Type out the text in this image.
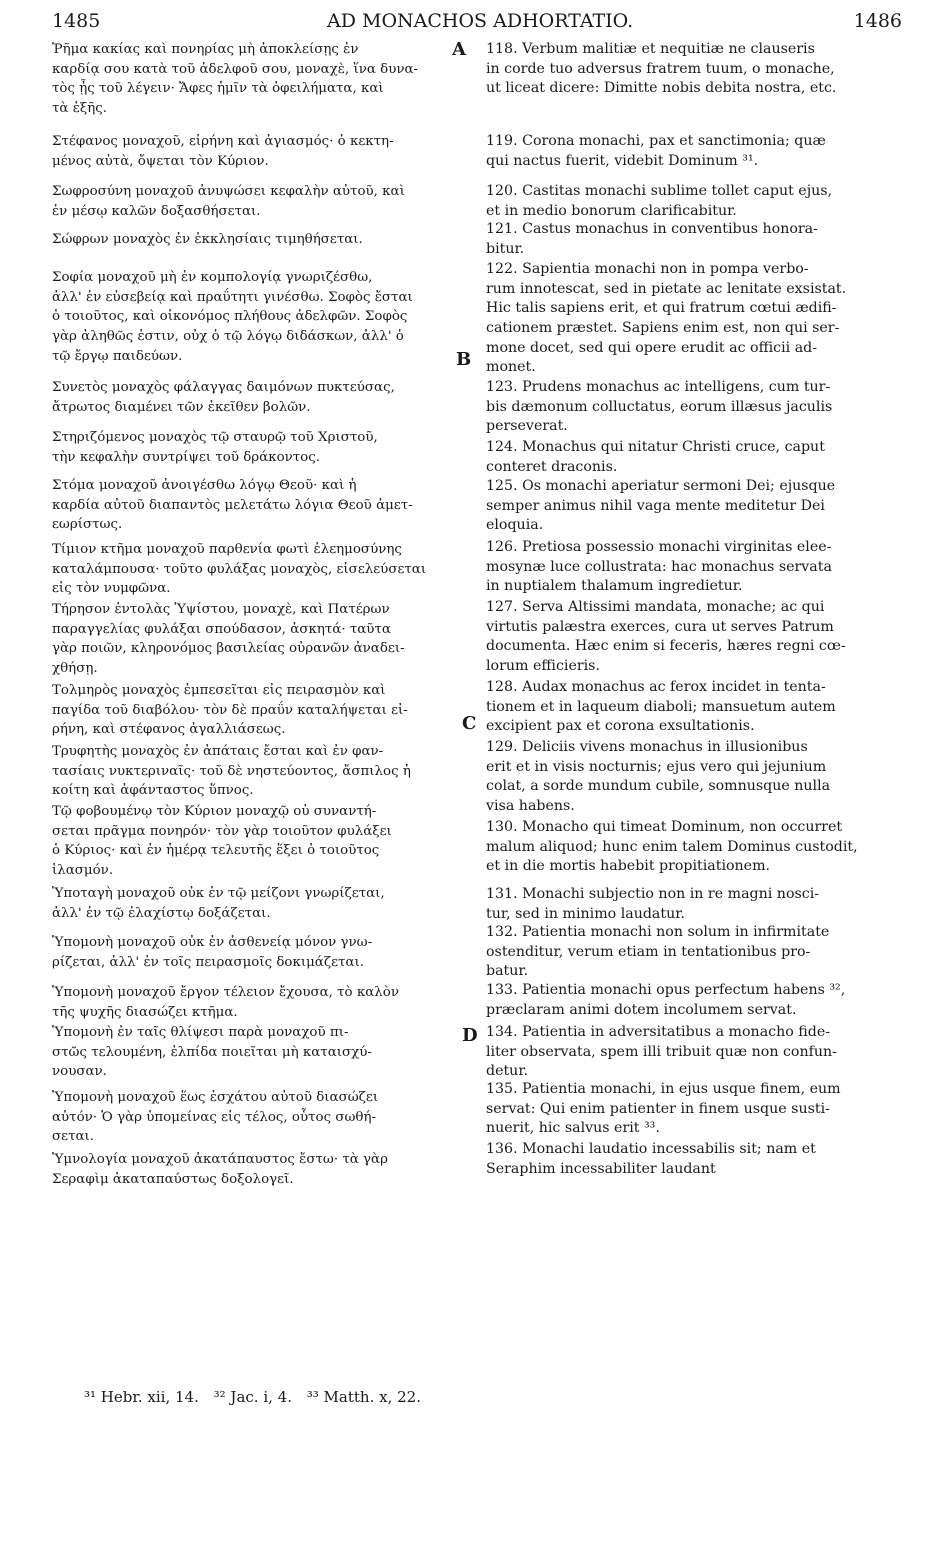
1485	AD MONACHOS ADHORTATIO.	1486
Ῥῆμα κακίας καὶ πονηρίας μὴ ἀποκλείσῃς ἐν
καρδίᾳ σου κατὰ τοῦ ἀδελφοῦ σου, μοναχὲ, ἵνα δυνα-
τὸς ᾖς τοῦ λέγειν· Ἄφες ἡμῖν τὰ ὀφειλήματα, καὶ
τὰ ἑξῆς.
Στέφανος μοναχοῦ, εἰρήνη καὶ ἁγιασμός· ὁ κεκτη-
μένος αὐτὰ, ὄψεται τὸν Κύριον.
Σωφροσύνη μοναχοῦ ἀνυψώσει κεφαλὴν αὐτοῦ, καὶ
ἐν μέσῳ καλῶν δοξασθήσεται.
Σώφρων μοναχὸς ἐν ἐκκλησίαις τιμηθήσεται.
Σοφία μοναχοῦ μὴ ἐν κομπολογίᾳ γνωριζέσθω,
ἀλλ' ἐν εὐσεβείᾳ καὶ πραΰτητι γινέσθω. Σοφὸς ἔσται
ὁ τοιοῦτος, καὶ οἰκονόμος πλήθους ἀδελφῶν. Σοφὸς
γὰρ ἀληθῶς ἐστιν, οὐχ ὁ τῷ λόγῳ διδάσκων, ἀλλ' ὁ
τῷ ἔργῳ παιδεύων.
Συνετὸς μοναχὸς φάλαγγας δαιμόνων πυκτεύσας,
ἄτρωτος διαμένει τῶν ἐκεῖθεν βολῶν.
Στηριζόμενος μοναχὸς τῷ σταυρῷ τοῦ Χριστοῦ,
τὴν κεφαλὴν συντρίψει τοῦ δράκοντος.
Στόμα μοναχοῦ ἀνοιγέσθω λόγῳ Θεοῦ· καὶ ἡ
καρδία αὐτοῦ διαπαντὸς μελετάτω λόγια Θεοῦ ἀμετ-
εωρίστως.
Τίμιον κτῆμα μοναχοῦ παρθενία φωτὶ ἐλεημοσύνης
καταλάμπουσα· τοῦτο φυλάξας μοναχὸς, εἰσελεύσεται
εἰς τὸν νυμφῶνα.
Τήρησον ἐντολὰς Ὑψίστου, μοναχὲ, καὶ Πατέρων
παραγγελίας φυλάξαι σπούδασον, ἀσκητά· ταῦτα
γὰρ ποιῶν, κληρονόμος βασιλείας οὐρανῶν ἀναδει-
χθήσῃ.
Τολμηρὸς μοναχὸς ἐμπεσεῖται εἰς πειρασμὸν καὶ
παγίδα τοῦ διαβόλου· τὸν δὲ πραΰν καταλήψεται εἰ-
ρήνη, καὶ στέφανος ἀγαλλιάσεως.
Τρυφητὴς μοναχὸς ἐν ἀπάταις ἔσται καὶ ἐν φαν-
τασίαις νυκτεριναῖς· τοῦ δὲ νηστεύοντος, ἄσπιλος ἡ
κοίτη καὶ ἀφάνταστος ὕπνος.
Τῷ φοβουμένῳ τὸν Κύριον μοναχῷ οὐ συναντή-
σεται πρᾶγμα πονηρόν· τὸν γὰρ τοιοῦτον φυλάξει
ὁ Κύριος· καὶ ἐν ἡμέρᾳ τελευτῆς ἕξει ὁ τοιοῦτος
ἱλασμόν.
Ὑποταγὴ μοναχοῦ οὐκ ἐν τῷ μείζονι γνωρίζεται,
ἀλλ' ἐν τῷ ἐλαχίστῳ δοξάζεται.
Ὑπομονὴ μοναχοῦ οὐκ ἐν ἀσθενείᾳ μόνον γνω-
ρίζεται, ἀλλ' ἐν τοῖς πειρασμοῖς δοκιμάζεται.
Ὑπομονὴ μοναχοῦ ἔργον τέλειον ἔχουσα, τὸ καλὸν
τῆς ψυχῆς διασώζει κτῆμα.
Ὑπομονὴ ἐν ταῖς θλίψεσι παρὰ μοναχοῦ πι-
στῶς τελουμένη, ἐλπίδα ποιεῖται μὴ καταισχύ-
νουσαν.
Ὑπομονὴ μοναχοῦ ἕως ἐσχάτου αὐτοῦ διασώζει
αὐτόν· Ὁ γὰρ ὑπομείνας εἰς τέλος, οὗτος σωθή-
σεται.
Ὑμνολογία μοναχοῦ ἀκατάπαυστος ἔστω· τὰ γὰρ
Σεραφὶμ ἀκαταπαύστως δοξολογεῖ.
118. Verbum malitiæ et nequitiæ ne clauseris
in corde tuo adversus fratrem tuum, o monache,
ut liceat dicere: Dimitte nobis debita nostra, etc.
119. Corona monachi, pax et sanctimonia; quæ
qui nactus fuerit, videbit Dominum ³¹.
120. Castitas monachi sublime tollet caput ejus,
et in medio bonorum clarificabitur.
121. Castus monachus in conventibus honora-
bitur.
122. Sapientia monachi non in pompa verbo-
rum innotescat, sed in pietate ac lenitate exsistat.
Hic talis sapiens erit, et qui fratrum cœtui ædifi-
cationem præstet. Sapiens enim est, non qui ser-
mone docet, sed qui opere erudit ac officii ad-
monet.
123. Prudens monachus ac intelligens, cum tur-
bis dæmonum colluctatus, eorum illæsus jaculis
perseverat.
124. Monachus qui nitatur Christi cruce, caput
conteret draconis.
125. Os monachi aperiatur sermoni Dei; ejusque
semper animus nihil vaga mente meditetur Dei
eloquia.
126. Pretiosa possessio monachi virginitas elee-
mosynæ luce collustrata: hac monachus servata
in nuptialem thalamum ingredietur.
127. Serva Altissimi mandata, monache; ac qui
virtutis palæstra exerces, cura ut serves Patrum
documenta. Hæc enim si feceris, hæres regni cœ-
lorum efficieris.
128. Audax monachus ac ferox incidet in tenta-
tionem et in laqueum diaboli; mansuetum autem
excipient pax et corona exsultationis.
129. Deliciis vivens monachus in illusionibus
erit et in visis nocturnis; ejus vero qui jejunium
colat, a sorde mundum cubile, somnusque nulla
visa habens.
130. Monacho qui timeat Dominum, non occurret
malum aliquod; hunc enim talem Dominus custodit,
et in die mortis habebit propitiationem.
131. Monachi subjectio non in re magni nosci-
tur, sed in minimo laudatur.
132. Patientia monachi non solum in infirmitate
ostenditur, verum etiam in tentationibus pro-
batur.
133. Patientia monachi opus perfectum habens ³²,
præclaram animi dotem incolumem servat.
134. Patientia in adversitatibus a monacho fide-
liter observata, spem illi tribuit quæ non confun-
detur.
135. Patientia monachi, in ejus usque finem, eum
servat: Qui enim patienter in finem usque susti-
nuerit, hic salvus erit ³³.
136. Monachi laudatio incessabilis sit; nam et
Seraphim incessabiliter laudant
A
B
C
D
³¹ Hebr. xii, 14. ³² Jac. i, 4. ³³ Matth. x, 22.
